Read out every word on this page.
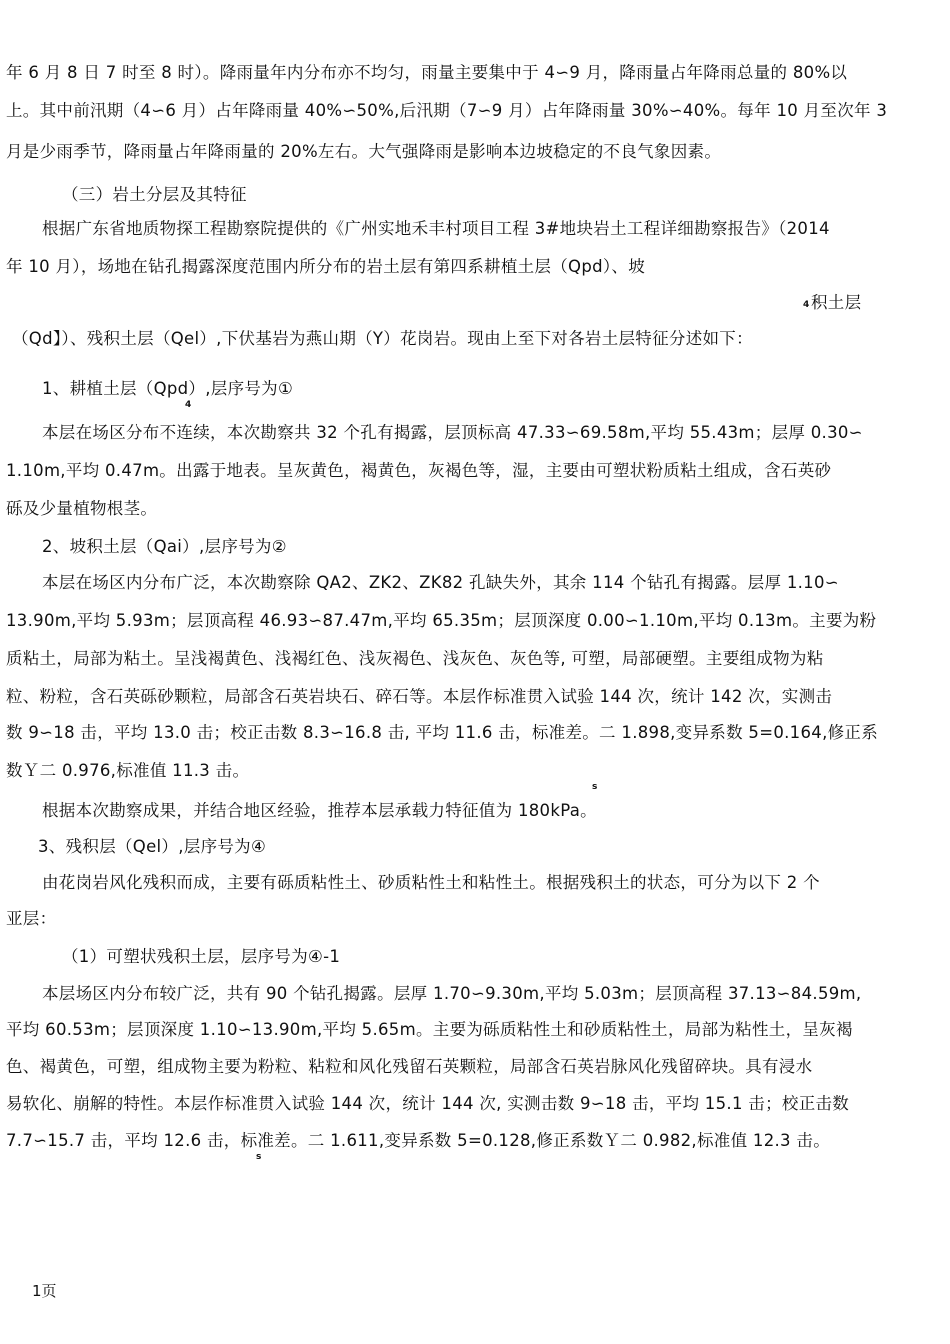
年 6 月 8 日 7 时至 8 时）。降雨量年内分布亦不均匀，雨量主要集中于 4∽9 月，降雨量占年降雨总量的 80%以
上。其中前汛期（4∽6 月）占年降雨量 40%∽50%,后汛期（7∽9 月）占年降雨量 30%∽40%。每年 10 月至次年 3
月是少雨季节，降雨量占年降雨量的 20%左右。大气强降雨是影响本边坡稳定的不良气象因素。
（三）岩土分层及其特征
根据广东省地质物探工程勘察院提供的《广州实地禾丰村项目工程 3#地块岩土工程详细勘察报告》（2014
年 10 月），场地在钻孔揭露深度范围内所分布的岩土层有第四系耕植土层（Qpd）、坡
4 积土层
（Qd】）、残积土层（Qel）,下伏基岩为燕山期（Y）花岗岩。现由上至下对各岩土层特征分述如下：
1、耕植土层（Qpd）,层序号为①
4
本层在场区分布不连续，本次勘察共 32 个孔有揭露，层顶标高 47.33∽69.58m,平均 55.43m；层厚 0.30∽
1.10m,平均 0.47m。出露于地表。呈灰黄色，褐黄色，灰褐色等，湿，主要由可塑状粉质粘土组成，含石英砂
砾及少量植物根茎。
2、坡积土层（Qai）,层序号为②
本层在场区内分布广泛，本次勘察除 QA2、ZK2、ZK82 孔缺失外，其余 114 个钻孔有揭露。层厚 1.10∽
13.90m,平均 5.93m；层顶高程 46.93∽87.47m,平均 65.35m；层顶深度 0.00∽1.10m,平均 0.13m。主要为粉
质粘土，局部为粘土。呈浅褐黄色、浅褐红色、浅灰褐色、浅灰色、灰色等, 可塑，局部硬塑。主要组成物为粘
粒、粉粒，含石英砾砂颗粒，局部含石英岩块石、碎石等。本层作标准贯入试验 144 次，统计 142 次，实测击
数 9∽18 击，平均 13.0 击；校正击数 8.3∽16.8 击, 平均 11.6 击，标准差。二 1.898,变异系数 5=0.164,修正系
数Ｙ二 0.976,标准值 11.3 击。
s
根据本次勘察成果，并结合地区经验，推荐本层承载力特征值为 180kPa。
3、残积层（Qel）,层序号为④
由花岗岩风化残积而成，主要有砾质粘性土、砂质粘性土和粘性土。根据残积土的状态，可分为以下 2 个
亚层：
（1）可塑状残积土层，层序号为④-1
本层场区内分布较广泛，共有 90 个钻孔揭露。层厚 1.70∽9.30m,平均 5.03m；层顶高程 37.13∽84.59m,
平均 60.53m；层顶深度 1.10∽13.90m,平均 5.65m。主要为砾质粘性土和砂质粘性土，局部为粘性土，呈灰褐
色、褐黄色，可塑，组成物主要为粉粒、粘粒和风化残留石英颗粒，局部含石英岩脉风化残留碎块。具有浸水
易软化、崩解的特性。本层作标准贯入试验 144 次，统计 144 次, 实测击数 9∽18 击，平均 15.1 击；校正击数
7.7∽15.7 击，平均 12.6 击，标准差。二 1.611,变异系数 5=0.128,修正系数Ｙ二 0.982,标准值 12.3 击。
s
1页
